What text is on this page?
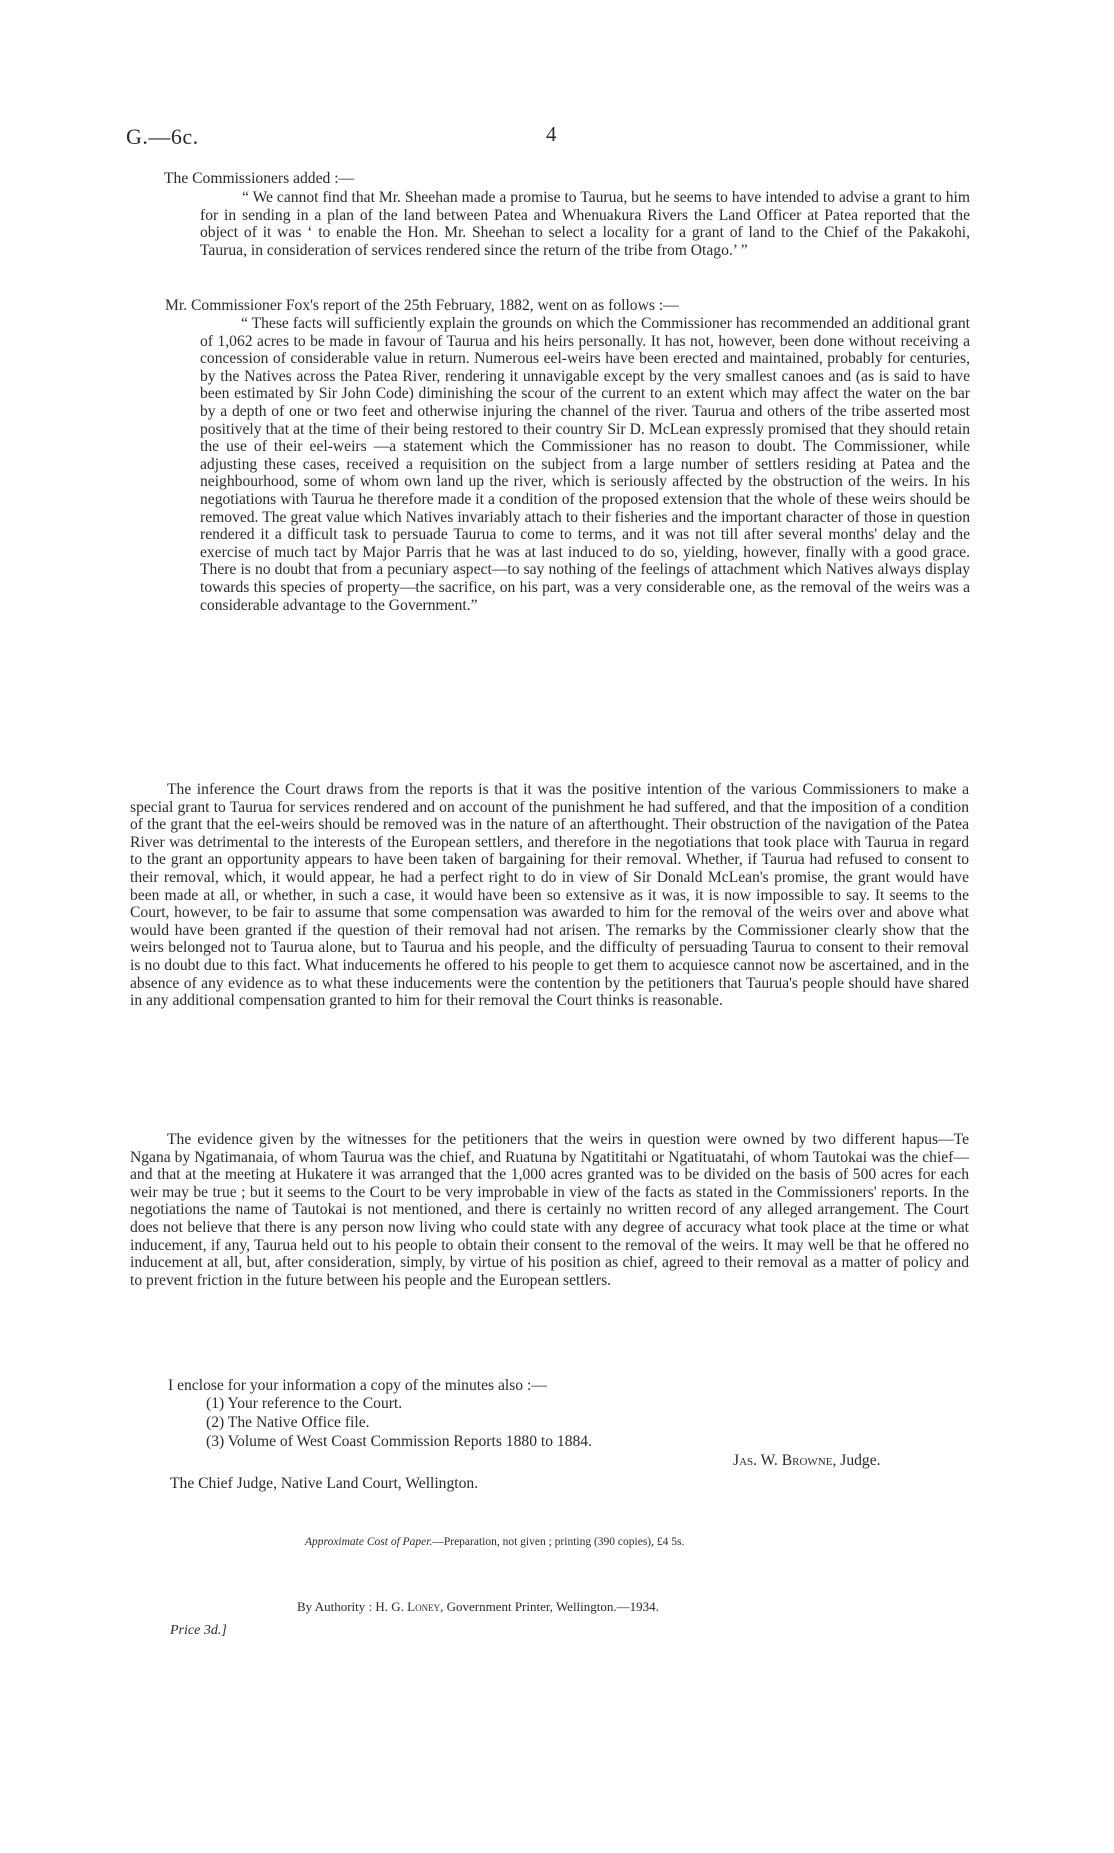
G.—6c.	4
The Commissioners added :—

“ We cannot find that Mr. Sheehan made a promise to Taurua, but he seems to have intended to advise a grant to him for in sending in a plan of the land between Patea and Whenuakura Rivers the Land Officer at Patea reported that the object of it was ‘ to enable the Hon. Mr. Sheehan to select a locality for a grant of land to the Chief of the Pakakohi, Taurua, in consideration of services rendered since the return of the tribe from Otago.’ ”

Mr. Commissioner Fox's report of the 25th February, 1882, went on as follows :—

“ These facts will sufficiently explain the grounds on which the Commissioner has recommended an additional grant of 1,062 acres to be made in favour of Taurua and his heirs personally. It has not, however, been done without receiving a concession of considerable value in return. Numerous eel-weirs have been erected and maintained, probably for centuries, by the Natives across the Patea River, rendering it unnavigable except by the very smallest canoes and (as is said to have been estimated by Sir John Code) diminishing the scour of the current to an extent which may affect the water on the bar by a depth of one or two feet and otherwise injuring the channel of the river. Taurua and others of the tribe asserted most positively that at the time of their being restored to their country Sir D. McLean expressly promised that they should retain the use of their eel-weirs —a statement which the Commissioner has no reason to doubt. The Commissioner, while adjusting these cases, received a requisition on the subject from a large number of settlers residing at Patea and the neighbourhood, some of whom own land up the river, which is seriously affected by the obstruction of the weirs. In his negotiations with Taurua he therefore made it a condition of the proposed extension that the whole of these weirs should be removed. The great value which Natives invariably attach to their fisheries and the important character of those in question rendered it a difficult task to persuade Taurua to come to terms, and it was not till after several months' delay and the exercise of much tact by Major Parris that he was at last induced to do so, yielding, however, finally with a good grace. There is no doubt that from a pecuniary aspect—to say nothing of the feelings of attachment which Natives always display towards this species of property—the sacrifice, on his part, was a very considerable one, as the removal of the weirs was a considerable advantage to the Government.”

The inference the Court draws from the reports is that it was the positive intention of the various Commissioners to make a special grant to Taurua for services rendered and on account of the punishment he had suffered, and that the imposition of a condition of the grant that the eel-weirs should be removed was in the nature of an afterthought. Their obstruction of the navigation of the Patea River was detrimental to the interests of the European settlers, and therefore in the negotiations that took place with Taurua in regard to the grant an opportunity appears to have been taken of bargaining for their removal. Whether, if Taurua had refused to consent to their removal, which, it would appear, he had a perfect right to do in view of Sir Donald McLean's promise, the grant would have been made at all, or whether, in such a case, it would have been so extensive as it was, it is now impossible to say. It seems to the Court, however, to be fair to assume that some compensation was awarded to him for the removal of the weirs over and above what would have been granted if the question of their removal had not arisen. The remarks by the Commissioner clearly show that the weirs belonged not to Taurua alone, but to Taurua and his people, and the difficulty of persuading Taurua to consent to their removal is no doubt due to this fact. What inducements he offered to his people to get them to acquiesce cannot now be ascertained, and in the absence of any evidence as to what these inducements were the contention by the petitioners that Taurua's people should have shared in any additional compensation granted to him for their removal the Court thinks is reasonable.

The evidence given by the witnesses for the petitioners that the weirs in question were owned by two different hapus—Te Ngana by Ngatimanaia, of whom Taurua was the chief, and Ruatuna by Ngatititahi or Ngatituatahi, of whom Tautokai was the chief—and that at the meeting at Hukatere it was arranged that the 1,000 acres granted was to be divided on the basis of 500 acres for each weir may be true ; but it seems to the Court to be very improbable in view of the facts as stated in the Commissioners' reports. In the negotiations the name of Tautokai is not mentioned, and there is certainly no written record of any alleged arrangement. The Court does not believe that there is any person now living who could state with any degree of accuracy what took place at the time or what inducement, if any, Taurua held out to his people to obtain their consent to the removal of the weirs. It may well be that he offered no inducement at all, but, after consideration, simply, by virtue of his position as chief, agreed to their removal as a matter of policy and to prevent friction in the future between his people and the European settlers.

I enclose for your information a copy of the minutes also :—
(1) Your reference to the Court.
(2) The Native Office file.
(3) Volume of West Coast Commission Reports 1880 to 1884.
Jas. W. Browne, Judge.
The Chief Judge, Native Land Court, Wellington.
Approximate Cost of Paper.—Preparation, not given ; printing (390 copies), £4 5s.
By Authority : H. G. Loney, Government Printer, Wellington.—1934.
Price 3d.]
